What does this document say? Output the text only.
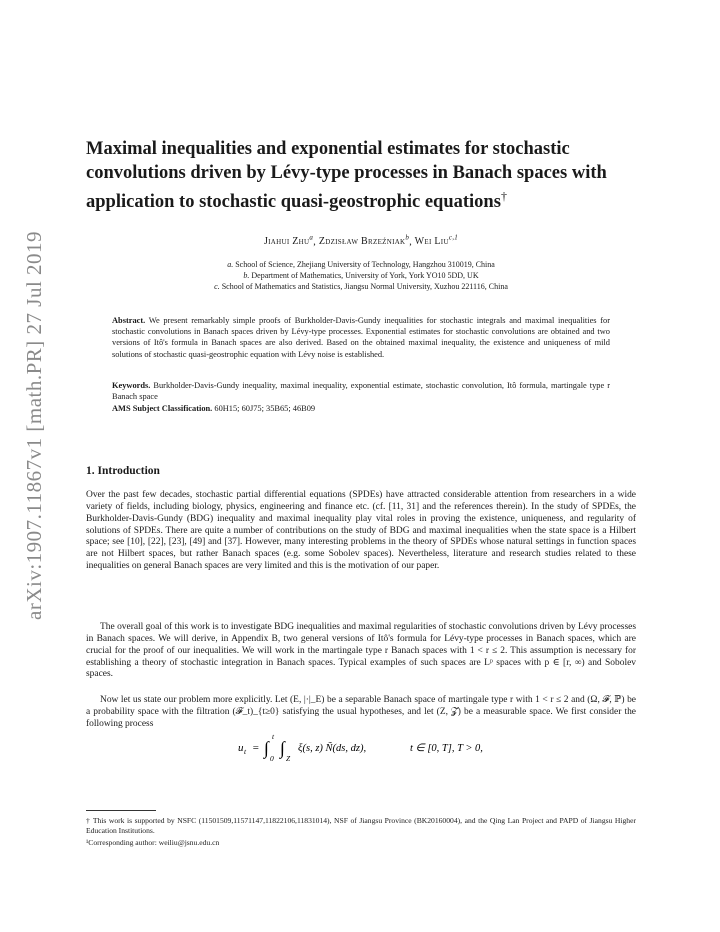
arXiv:1907.11867v1 [math.PR] 27 Jul 2019
Maximal inequalities and exponential estimates for stochastic convolutions driven by Lévy-type processes in Banach spaces with application to stochastic quasi-geostrophic equations†
Jiahui Zhu$^a$, Zdzisław Brzeźniak$^b$, Wei Liu$^{c,1}$
a. School of Science, Zhejiang University of Technology, Hangzhou 310019, China
b. Department of Mathematics, University of York, York YO10 5DD, UK
c. School of Mathematics and Statistics, Jiangsu Normal University, Xuzhou 221116, China

Abstract. We present remarkably simple proofs of Burkholder-Davis-Gundy inequalities for stochastic integrals and maximal inequalities for stochastic convolutions in Banach spaces driven by Lévy-type processes. Exponential estimates for stochastic convolutions are obtained and two versions of Itô's formula in Banach spaces are also derived. Based on the obtained maximal inequality, the existence and uniqueness of mild solutions of stochastic quasi-geostrophic equation with Lévy noise is established.

Keywords. Burkholder-Davis-Gundy inequality, maximal inequality, exponential estimate, stochastic convolution, Itô formula, martingale type r Banach space

AMS Subject Classification. 60H15; 60J75; 35B65; 46B09

1. Introduction

Over the past few decades, stochastic partial differential equations (SPDEs) have attracted considerable attention from researchers in a wide variety of fields, including biology, physics, engineering and finance etc. (cf. [11, 31] and the references therein). In the study of SPDEs, the Burkholder-Davis-Gundy (BDG) inequality and maximal inequality play vital roles in proving the existence, uniqueness, and regularity of solutions of SPDEs. There are quite a number of contributions on the study of BDG and maximal inequalities when the state space is a Hilbert space; see [10], [22], [23], [49] and [37]. However, many interesting problems in the theory of SPDEs whose natural settings in function spaces are not Hilbert spaces, but rather Banach spaces (e.g. some Sobolev spaces). Nevertheless, literature and research studies related to these inequalities on general Banach spaces are very limited and this is the motivation of our paper.

The overall goal of this work is to investigate BDG inequalities and maximal regularities of stochastic convolutions driven by Lévy processes in Banach spaces. We will derive, in Appendix B, two general versions of Itô's formula for Lévy-type processes in Banach spaces, which are crucial for the proof of our inequalities. We will work in the martingale type r Banach spaces with 1 < r ≤ 2. This assumption is necessary for establishing a theory of stochastic integration in Banach spaces. Typical examples of such spaces are Lᵖ spaces with p ∈ [r, ∞) and Sobolev spaces.

Now let us state our problem more explicitly. Let (E, |·|_E) be a separable Banach space of martingale type r with 1 < r ≤ 2 and (Ω, 𝓕, ℙ) be a probability space with the filtration (𝓕_t)_{t≥0} satisfying the usual hypotheses, and let (Z, 𝓩) be a measurable space. We first consider the following process

u t = ∫
t
0
∫
Z
ξ(s, z) Ñ(ds, dz),	t ∈ [0, T], T > 0,

† This work is supported by NSFC (11501509,11571147,11822106,11831014), NSF of Jiangsu Province (BK20160004), and the Qing Lan Project and PAPD of Jiangsu Higher Education Institutions.

¹Corresponding author: weiliu@jsnu.edu.cn
